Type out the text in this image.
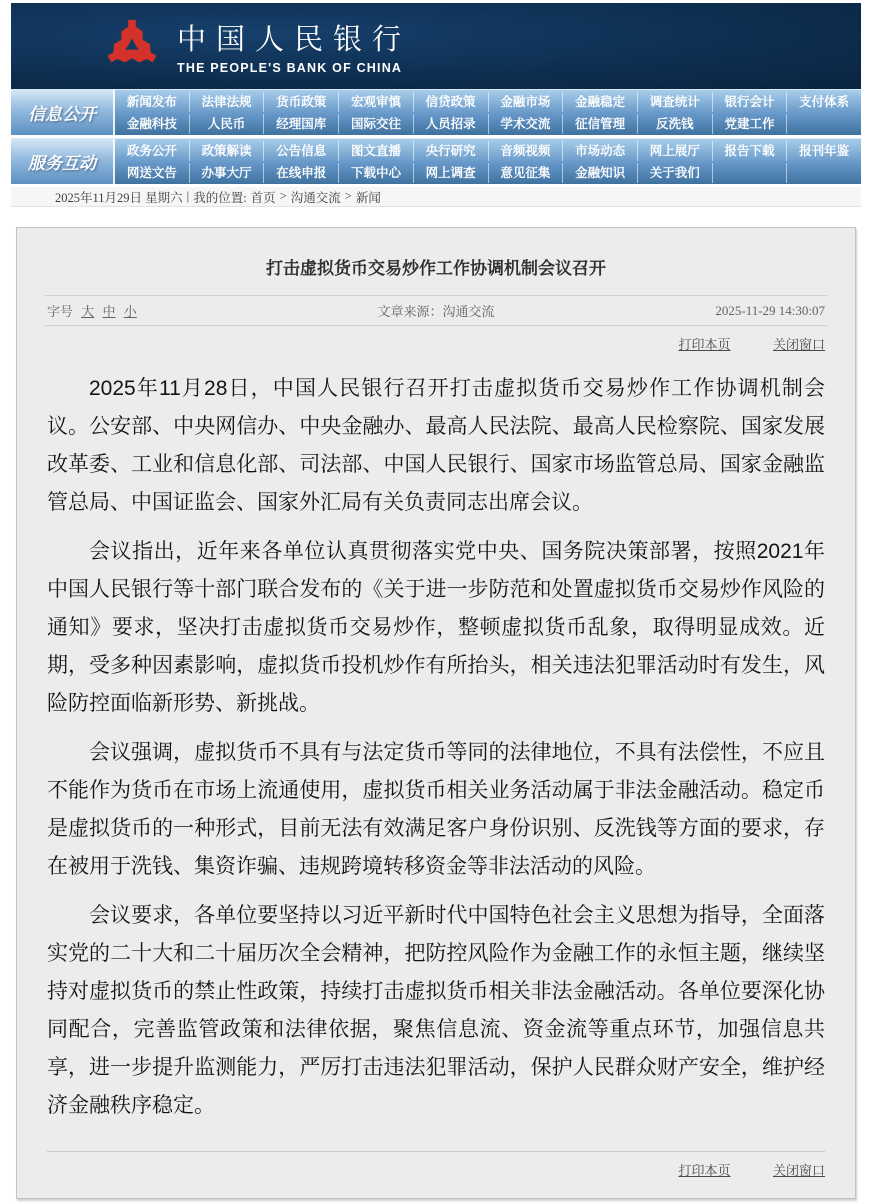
中国人民银行
THE PEOPLE'S BANK OF CHINA
信息公开
新闻发布	法律法规	货币政策	宏观审慎	信贷政策	金融市场	金融稳定	调查统计	银行会计	支付体系
金融科技	人民币	经理国库	国际交往	人员招录	学术交流	征信管理	反洗钱	党建工作
服务互动
政务公开	政策解读	公告信息	图文直播	央行研究	音频视频	市场动态	网上展厅	报告下载	报刊年鉴
网送文告	办事大厅	在线申报	下载中心	网上调查	意见征集	金融知识	关于我们
2025年11月29日 星期六 | 我的位置: 首页 > 沟通交流 > 新闻
打击虚拟货币交易炒作工作协调机制会议召开
字号 大 中 小	文章来源：沟通交流	2025-11-29 14:30:07
打印本页	关闭窗口

2025年11月28日，中国人民银行召开打击虚拟货币交易炒作工作协调机制会议。公安部、中央网信办、中央金融办、最高人民法院、最高人民检察院、国家发展改革委、工业和信息化部、司法部、中国人民银行、国家市场监管总局、国家金融监管总局、中国证监会、国家外汇局有关负责同志出席会议。

会议指出，近年来各单位认真贯彻落实党中央、国务院决策部署，按照2021年中国人民银行等十部门联合发布的《关于进一步防范和处置虚拟货币交易炒作风险的通知》要求，坚决打击虚拟货币交易炒作，整顿虚拟货币乱象，取得明显成效。近期，受多种因素影响，虚拟货币投机炒作有所抬头，相关违法犯罪活动时有发生，风险防控面临新形势、新挑战。

会议强调，虚拟货币不具有与法定货币等同的法律地位，不具有法偿性，不应且不能作为货币在市场上流通使用，虚拟货币相关业务活动属于非法金融活动。稳定币是虚拟货币的一种形式，目前无法有效满足客户身份识别、反洗钱等方面的要求，存在被用于洗钱、集资诈骗、违规跨境转移资金等非法活动的风险。

会议要求，各单位要坚持以习近平新时代中国特色社会主义思想为指导，全面落实党的二十大和二十届历次全会精神，把防控风险作为金融工作的永恒主题，继续坚持对虚拟货币的禁止性政策，持续打击虚拟货币相关非法金融活动。各单位要深化协同配合，完善监管政策和法律依据，聚焦信息流、资金流等重点环节，加强信息共享，进一步提升监测能力，严厉打击违法犯罪活动，保护人民群众财产安全，维护经济金融秩序稳定。

打印本页	关闭窗口
